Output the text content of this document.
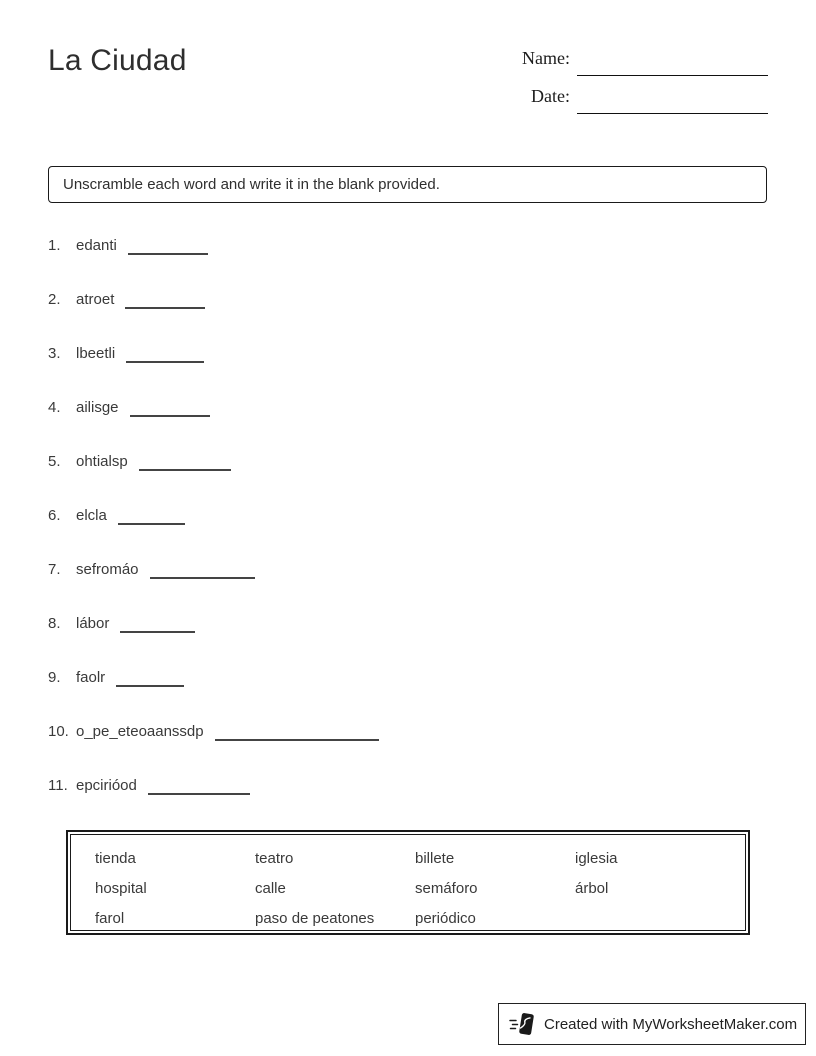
La Ciudad	Name:
Date:
Unscramble each word and write it in the blank provided.
1.	edanti
2.	atroet
3.	lbeetli
4.	ailisge
5.	ohtialsp
6.	elcla
7.	sefromáo
8.	lábor
9.	faolr
10. o_pe_eteoaanssdp
11. epcirióod
tienda	teatro	billete	iglesia
hospital	calle	semáforo	árbol
farol	paso de peatones	periódico
Created with MyWorksheetMaker.com
